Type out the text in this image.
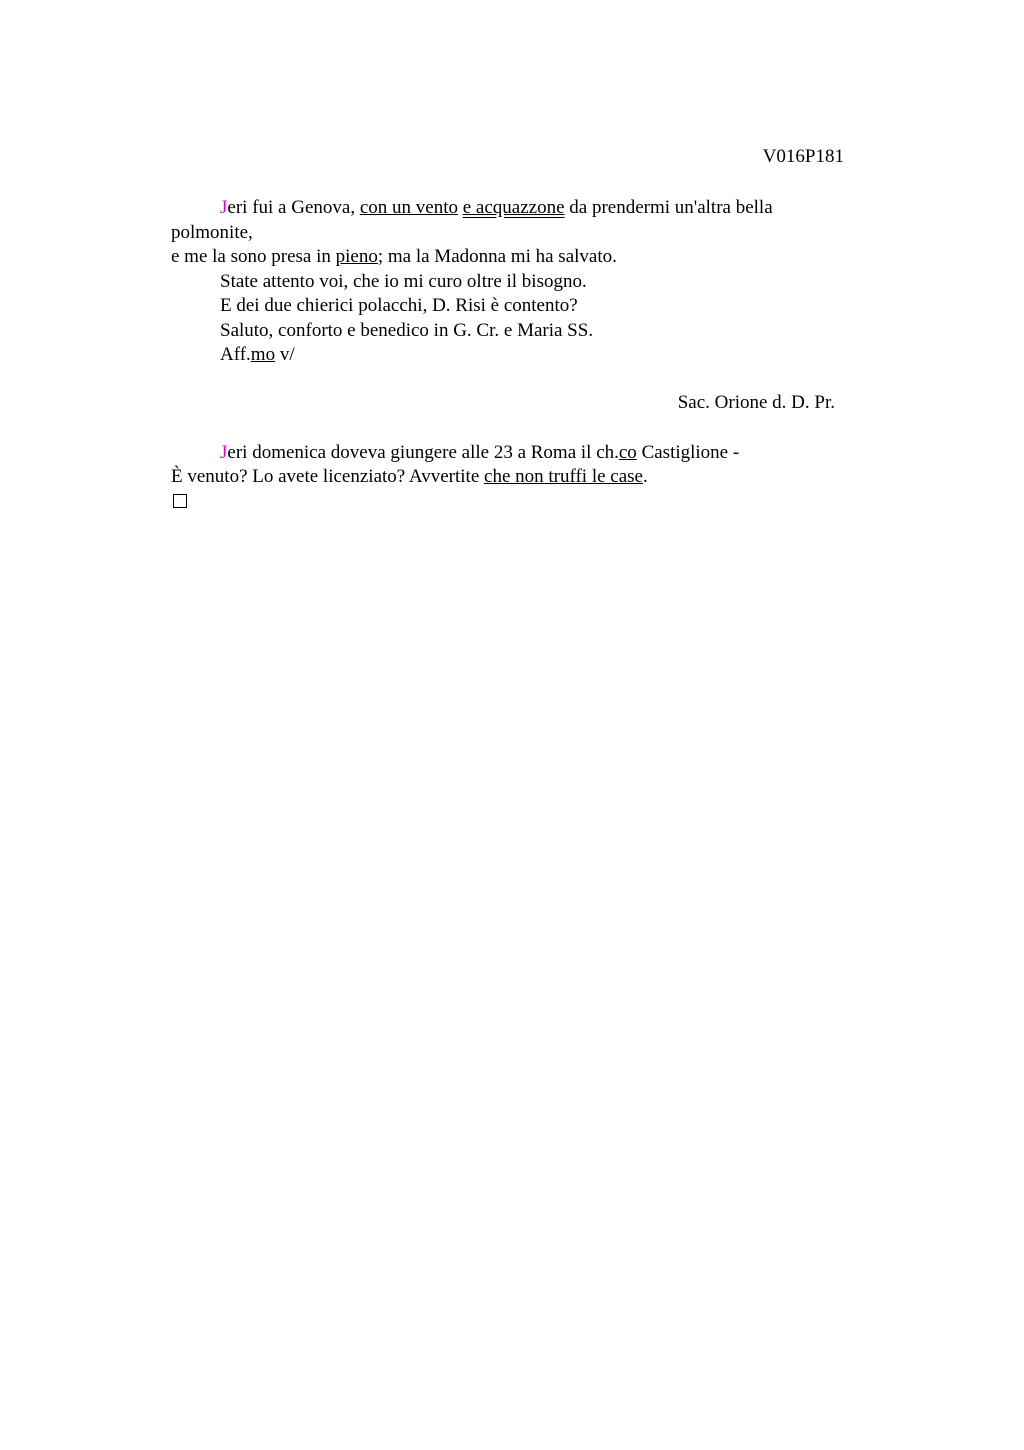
V016P181
Jeri fui a Genova, con un vento e acquazzone da prendermi un'altra bella
polmonite,
e me la sono presa in pieno; ma la Madonna mi ha salvato.
State attento voi, che io mi curo oltre il bisogno.
E dei due chierici polacchi, D. Risi è contento?
Saluto, conforto e benedico in G. Cr. e Maria SS.
Aff.mo v/
Sac. Orione d. D. Pr.
Jeri domenica doveva giungere alle 23 a Roma il ch.co Castiglione -
È venuto? Lo avete licenziato? Avvertite che non truffi le case.
